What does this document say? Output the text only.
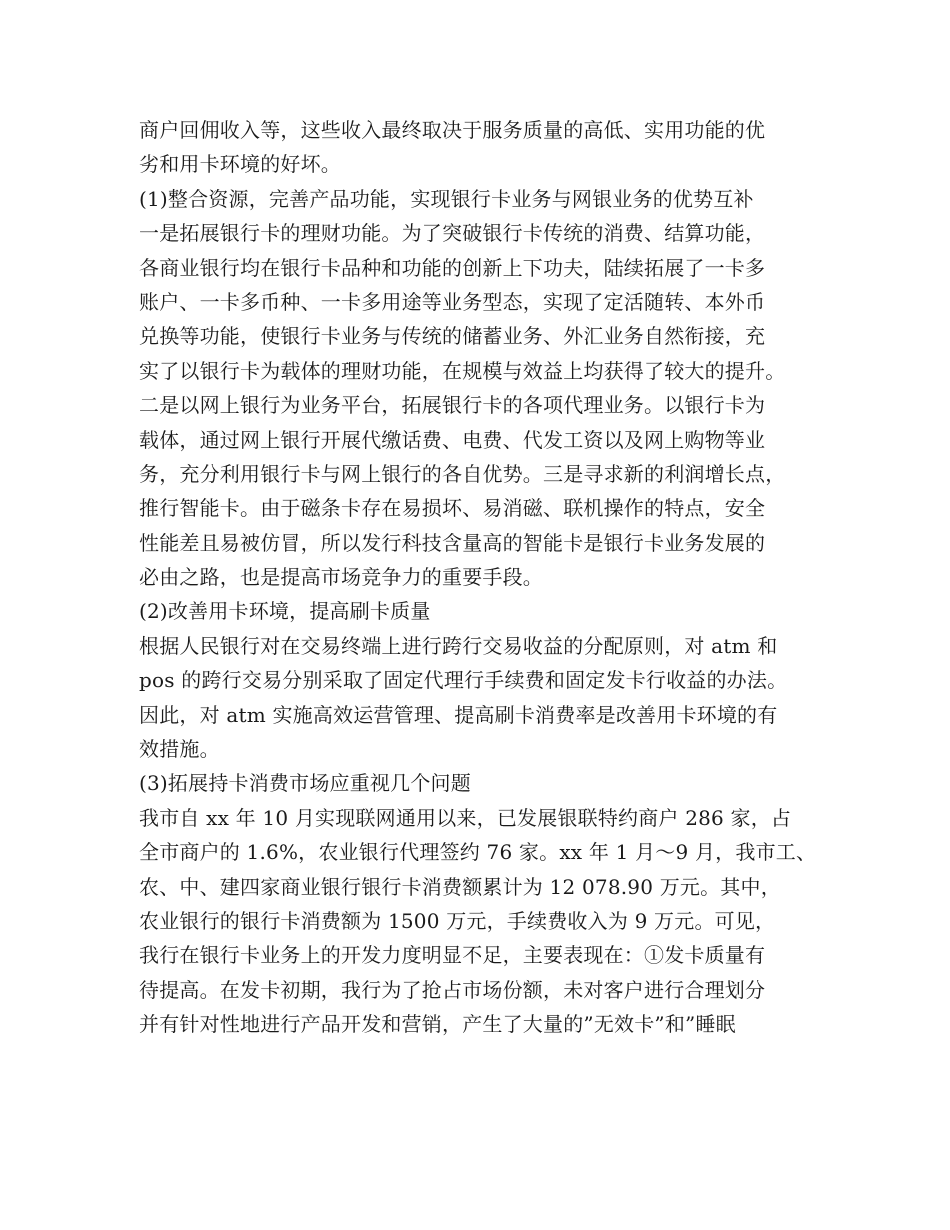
商户回佣收入等，这些收入最终取决于服务质量的高低、实用功能的优
劣和用卡环境的好坏。
(1)整合资源，完善产品功能，实现银行卡业务与网银业务的优势互补
一是拓展银行卡的理财功能。为了突破银行卡传统的消费、结算功能，
各商业银行均在银行卡品种和功能的创新上下功夫，陆续拓展了一卡多
账户、一卡多币种、一卡多用途等业务型态，实现了定活随转、本外币
兑换等功能，使银行卡业务与传统的储蓄业务、外汇业务自然衔接，充
实了以银行卡为载体的理财功能，在规模与效益上均获得了较大的提升。
二是以网上银行为业务平台，拓展银行卡的各项代理业务。以银行卡为
载体，通过网上银行开展代缴话费、电费、代发工资以及网上购物等业
务，充分利用银行卡与网上银行的各自优势。三是寻求新的利润增长点，
推行智能卡。由于磁条卡存在易损坏、易消磁、联机操作的特点，安全
性能差且易被仿冒，所以发行科技含量高的智能卡是银行卡业务发展的
必由之路，也是提高市场竞争力的重要手段。
(2)改善用卡环境，提高刷卡质量
根据人民银行对在交易终端上进行跨行交易收益的分配原则，对 atm 和
pos 的跨行交易分别采取了固定代理行手续费和固定发卡行收益的办法。
因此，对 atm 实施高效运营管理、提高刷卡消费率是改善用卡环境的有
效措施。
(3)拓展持卡消费市场应重视几个问题
我市自 xx 年 10 月实现联网通用以来，已发展银联特约商户 286 家，占
全市商户的 1.6%，农业银行代理签约 76 家。xx 年 1 月～9 月，我市工、
农、中、建四家商业银行银行卡消费额累计为 12 078.90 万元。其中，
农业银行的银行卡消费额为 1500 万元，手续费收入为 9 万元。可见，
我行在银行卡业务上的开发力度明显不足，主要表现在：①发卡质量有
待提高。在发卡初期，我行为了抢占市场份额，未对客户进行合理划分
并有针对性地进行产品开发和营销，产生了大量的”无效卡”和”睡眠
